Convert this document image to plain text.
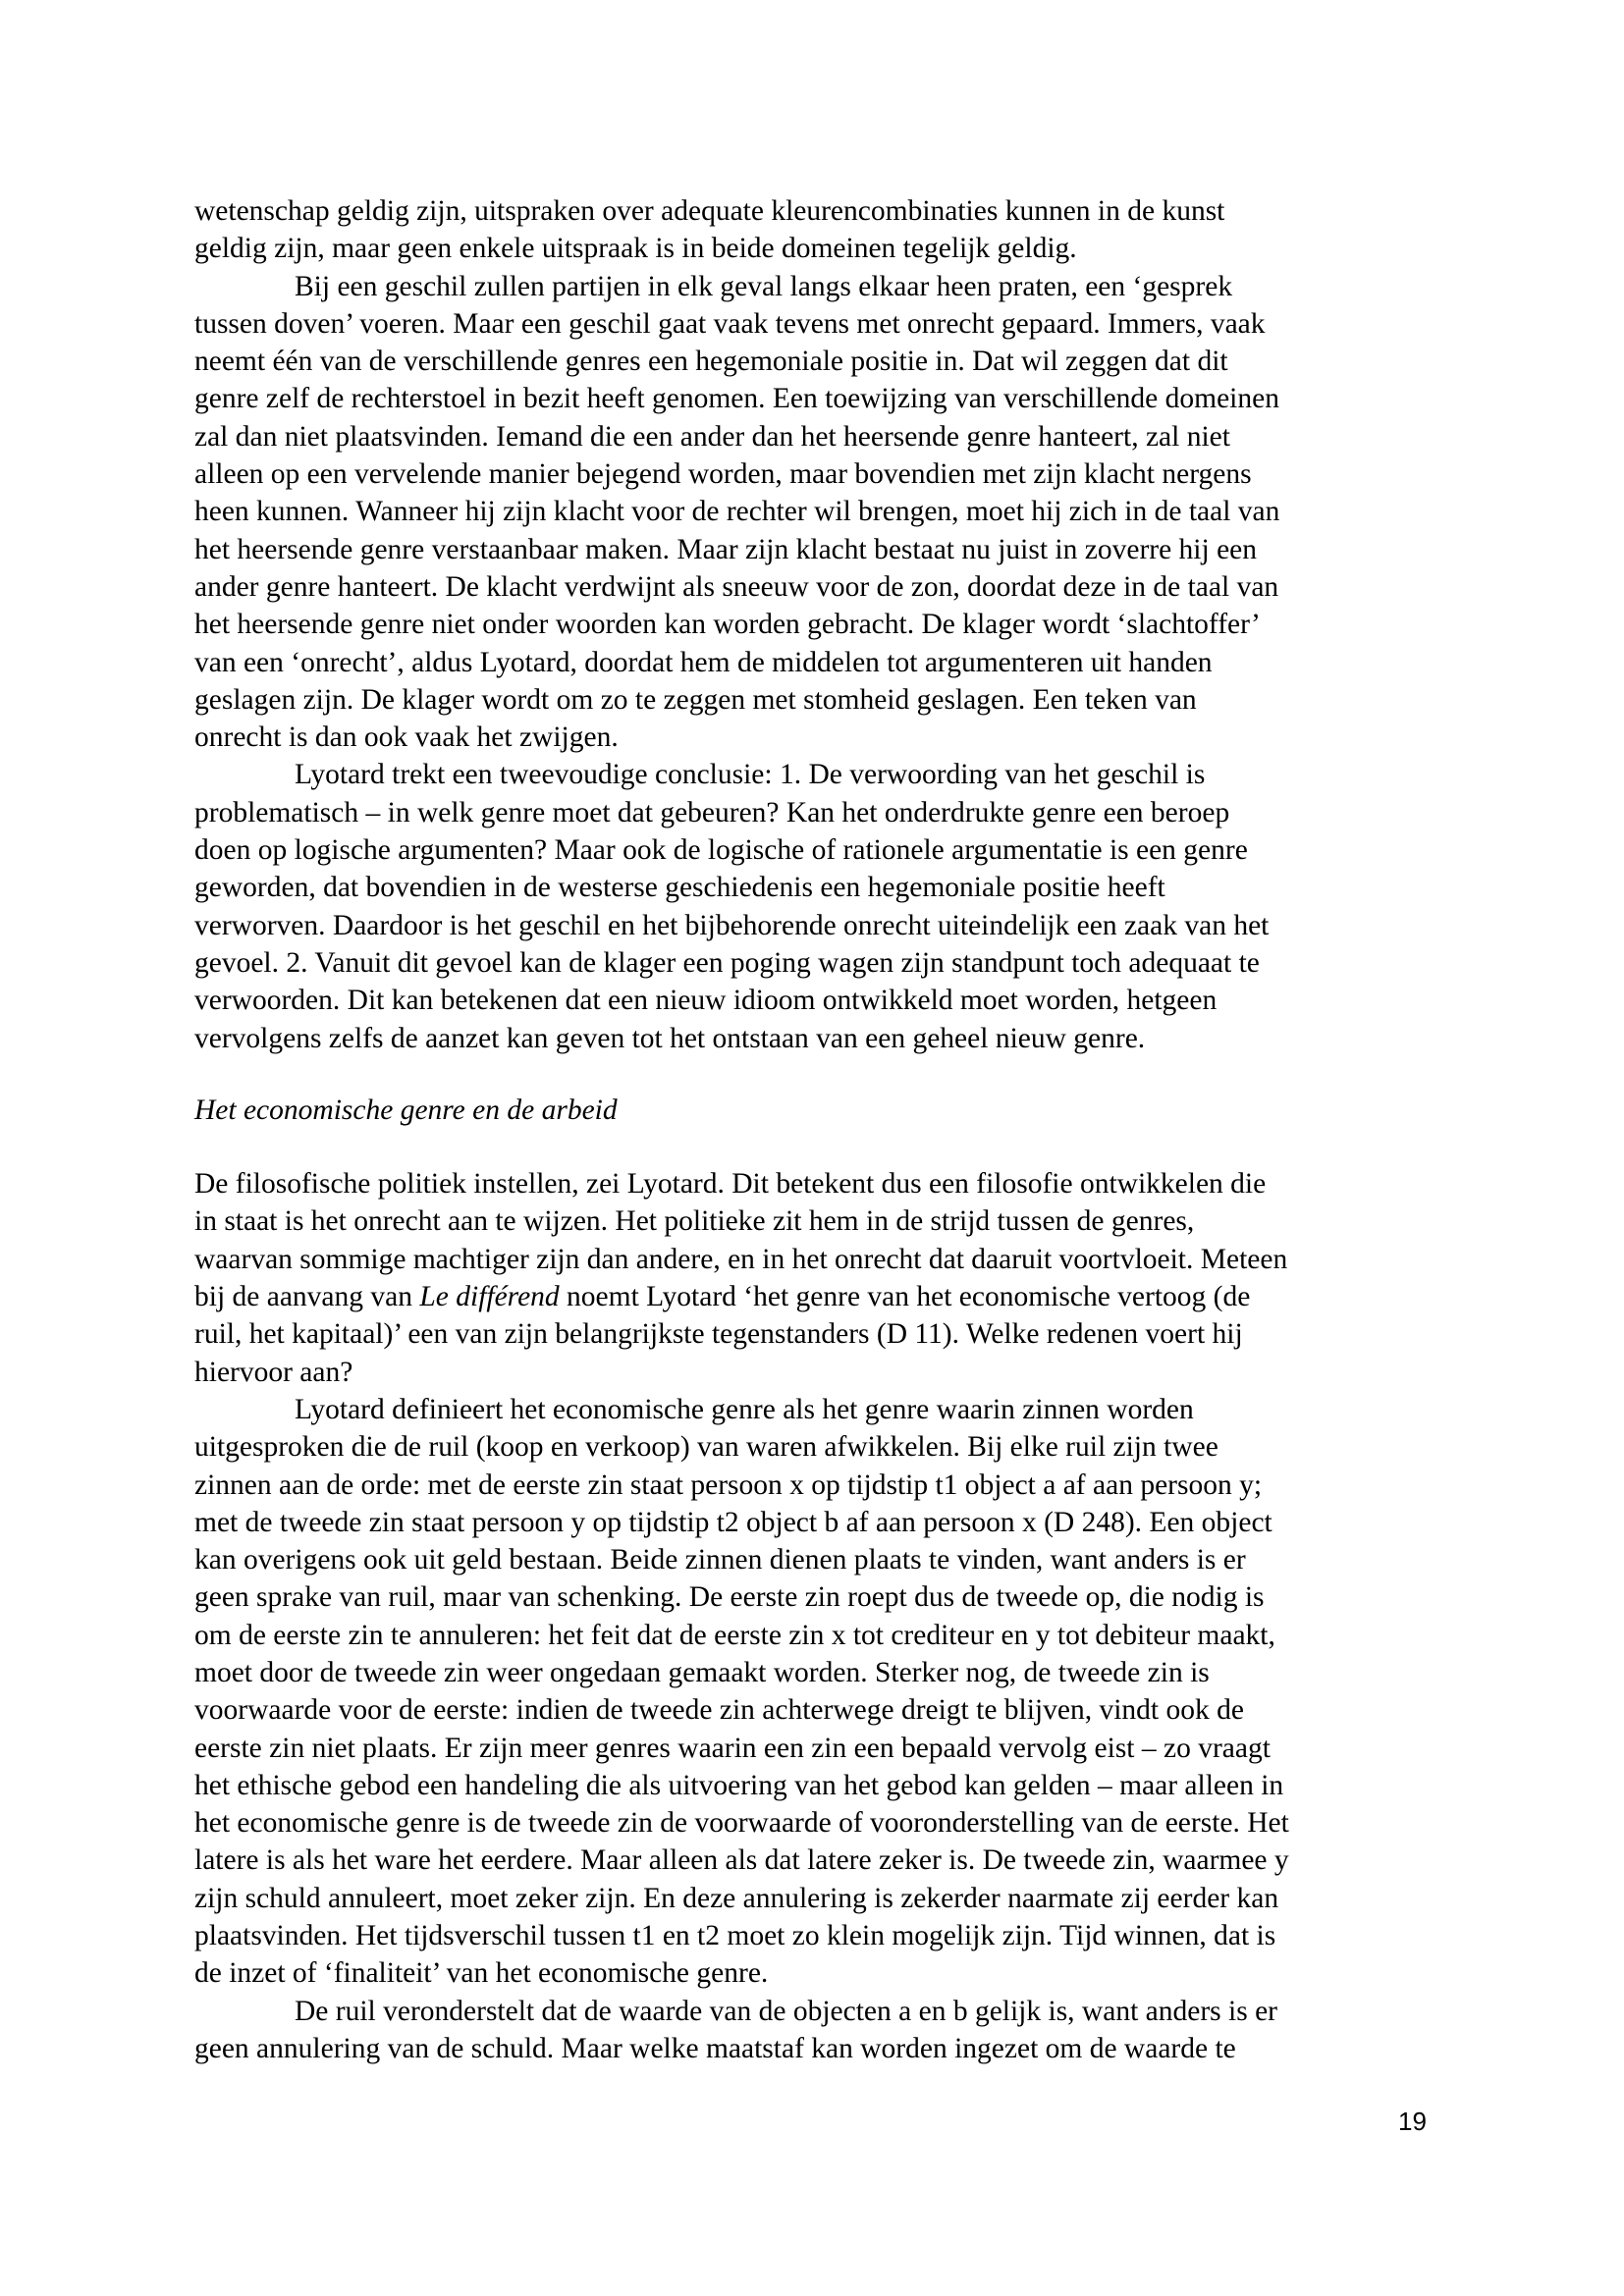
wetenschap geldig zijn, uitspraken over adequate kleurencombinaties kunnen in de kunst
geldig zijn, maar geen enkele uitspraak is in beide domeinen tegelijk geldig.
Bij een geschil zullen partijen in elk geval langs elkaar heen praten, een ‘gesprek
tussen doven’ voeren. Maar een geschil gaat vaak tevens met onrecht gepaard. Immers, vaak
neemt één van de verschillende genres een hegemoniale positie in. Dat wil zeggen dat dit
genre zelf de rechterstoel in bezit heeft genomen. Een toewijzing van verschillende domeinen
zal dan niet plaatsvinden. Iemand die een ander dan het heersende genre hanteert, zal niet
alleen op een vervelende manier bejegend worden, maar bovendien met zijn klacht nergens
heen kunnen. Wanneer hij zijn klacht voor de rechter wil brengen, moet hij zich in de taal van
het heersende genre verstaanbaar maken. Maar zijn klacht bestaat nu juist in zoverre hij een
ander genre hanteert. De klacht verdwijnt als sneeuw voor de zon, doordat deze in de taal van
het heersende genre niet onder woorden kan worden gebracht. De klager wordt ‘slachtoffer’
van een ‘onrecht’, aldus Lyotard, doordat hem de middelen tot argumenteren uit handen
geslagen zijn. De klager wordt om zo te zeggen met stomheid geslagen. Een teken van
onrecht is dan ook vaak het zwijgen.
Lyotard trekt een tweevoudige conclusie: 1. De verwoording van het geschil is
problematisch – in welk genre moet dat gebeuren? Kan het onderdrukte genre een beroep
doen op logische argumenten? Maar ook de logische of rationele argumentatie is een genre
geworden, dat bovendien in de westerse geschiedenis een hegemoniale positie heeft
verworven. Daardoor is het geschil en het bijbehorende onrecht uiteindelijk een zaak van het
gevoel. 2. Vanuit dit gevoel kan de klager een poging wagen zijn standpunt toch adequaat te
verwoorden. Dit kan betekenen dat een nieuw idioom ontwikkeld moet worden, hetgeen
vervolgens zelfs de aanzet kan geven tot het ontstaan van een geheel nieuw genre.
Het economische genre en de arbeid
De filosofische politiek instellen, zei Lyotard. Dit betekent dus een filosofie ontwikkelen die
in staat is het onrecht aan te wijzen. Het politieke zit hem in de strijd tussen de genres,
waarvan sommige machtiger zijn dan andere, en in het onrecht dat daaruit voortvloeit. Meteen
bij de aanvang van Le différend noemt Lyotard ‘het genre van het economische vertoog (de
ruil, het kapitaal)’ een van zijn belangrijkste tegenstanders (D 11). Welke redenen voert hij
hiervoor aan?
Lyotard definieert het economische genre als het genre waarin zinnen worden
uitgesproken die de ruil (koop en verkoop) van waren afwikkelen. Bij elke ruil zijn twee
zinnen aan de orde: met de eerste zin staat persoon x op tijdstip t1 object a af aan persoon y;
met de tweede zin staat persoon y op tijdstip t2 object b af aan persoon x (D 248). Een object
kan overigens ook uit geld bestaan. Beide zinnen dienen plaats te vinden, want anders is er
geen sprake van ruil, maar van schenking. De eerste zin roept dus de tweede op, die nodig is
om de eerste zin te annuleren: het feit dat de eerste zin x tot crediteur en y tot debiteur maakt,
moet door de tweede zin weer ongedaan gemaakt worden. Sterker nog, de tweede zin is
voorwaarde voor de eerste: indien de tweede zin achterwege dreigt te blijven, vindt ook de
eerste zin niet plaats. Er zijn meer genres waarin een zin een bepaald vervolg eist – zo vraagt
het ethische gebod een handeling die als uitvoering van het gebod kan gelden – maar alleen in
het economische genre is de tweede zin de voorwaarde of vooronderstelling van de eerste. Het
latere is als het ware het eerdere. Maar alleen als dat latere zeker is. De tweede zin, waarmee y
zijn schuld annuleert, moet zeker zijn. En deze annulering is zekerder naarmate zij eerder kan
plaatsvinden. Het tijdsverschil tussen t1 en t2 moet zo klein mogelijk zijn. Tijd winnen, dat is
de inzet of ‘finaliteit’ van het economische genre.
De ruil veronderstelt dat de waarde van de objecten a en b gelijk is, want anders is er
geen annulering van de schuld. Maar welke maatstaf kan worden ingezet om de waarde te
19
